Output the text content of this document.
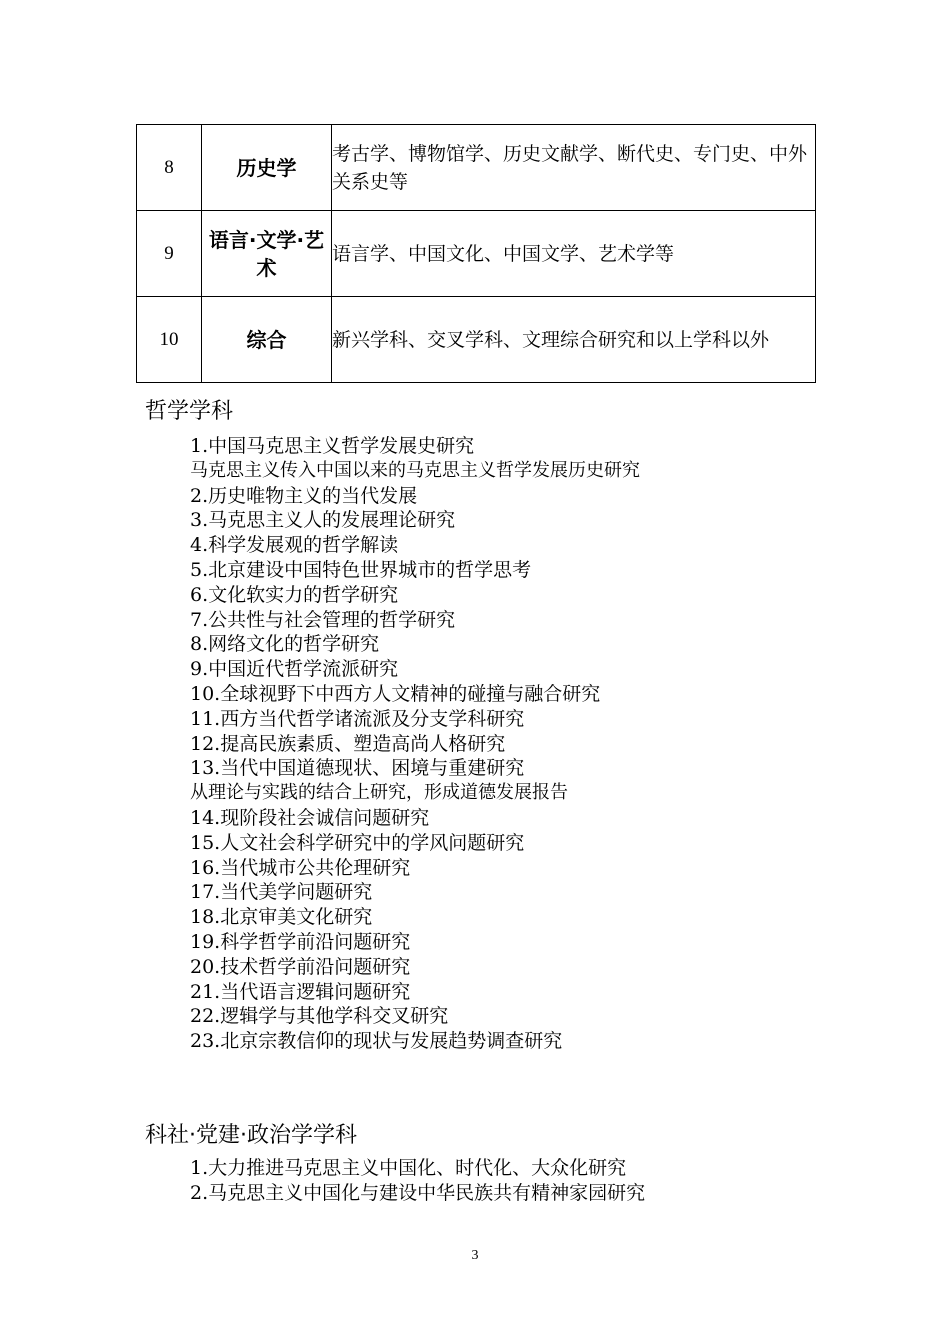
8	历史学	考古学、博物馆学、历史文献学、断代史、专门史、中外关系史等
9	语言·文学·艺术	语言学、中国文化、中国文学、艺术学等
10	综合	新兴学科、交叉学科、文理综合研究和以上学科以外
哲学学科
1.中国马克思主义哲学发展史研究
马克思主义传入中国以来的马克思主义哲学发展历史研究
2.历史唯物主义的当代发展
3.马克思主义人的发展理论研究
4.科学发展观的哲学解读
5.北京建设中国特色世界城市的哲学思考
6.文化软实力的哲学研究
7.公共性与社会管理的哲学研究
8.网络文化的哲学研究
9.中国近代哲学流派研究
10.全球视野下中西方人文精神的碰撞与融合研究
11.西方当代哲学诸流派及分支学科研究
12.提高民族素质、塑造高尚人格研究
13.当代中国道德现状、困境与重建研究
从理论与实践的结合上研究，形成道德发展报告
14.现阶段社会诚信问题研究
15.人文社会科学研究中的学风问题研究
16.当代城市公共伦理研究
17.当代美学问题研究
18.北京审美文化研究
19.科学哲学前沿问题研究
20.技术哲学前沿问题研究
21.当代语言逻辑问题研究
22.逻辑学与其他学科交叉研究
23.北京宗教信仰的现状与发展趋势调查研究
科社·党建·政治学学科
1.大力推进马克思主义中国化、时代化、大众化研究
2.马克思主义中国化与建设中华民族共有精神家园研究
3
